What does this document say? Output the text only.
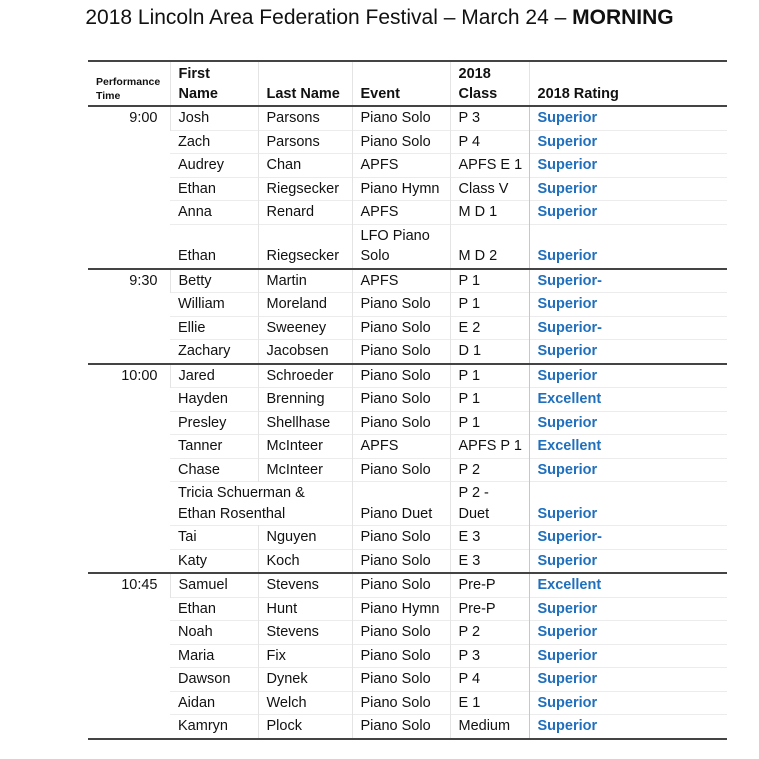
2018 Lincoln Area Federation Festival – March 24 – MORNING
Performance Time	First Name	Last Name	Event	2018 Class	2018 Rating
9:00	Josh	Parsons	Piano Solo	P 3	Superior
	Zach	Parsons	Piano Solo	P 4	Superior
	Audrey	Chan	APFS	APFS E 1	Superior
	Ethan	Riegsecker	Piano Hymn	Class V	Superior
	Anna	Renard	APFS	M D 1	Superior
	Ethan	Riegsecker	LFO Piano Solo	M D 2	Superior
9:30	Betty	Martin	APFS	P 1	Superior-
	William	Moreland	Piano Solo	P 1	Superior
	Ellie	Sweeney	Piano Solo	E 2	Superior-
	Zachary	Jacobsen	Piano Solo	D 1	Superior
10:00	Jared	Schroeder	Piano Solo	P 1	Superior
	Hayden	Brenning	Piano Solo	P 1	Excellent
	Presley	Shellhase	Piano Solo	P 1	Superior
	Tanner	McInteer	APFS	APFS P 1	Excellent
	Chase	McInteer	Piano Solo	P 2	Superior
	Tricia Schuerman & Ethan Rosenthal		Piano Duet	P 2 - Duet	Superior
	Tai	Nguyen	Piano Solo	E 3	Superior-
	Katy	Koch	Piano Solo	E 3	Superior
10:45	Samuel	Stevens	Piano Solo	Pre-P	Excellent
	Ethan	Hunt	Piano Hymn	Pre-P	Superior
	Noah	Stevens	Piano Solo	P 2	Superior
	Maria	Fix	Piano Solo	P 3	Superior
	Dawson	Dynek	Piano Solo	P 4	Superior
	Aidan	Welch	Piano Solo	E 1	Superior
	Kamryn	Plock	Piano Solo	Medium	Superior
